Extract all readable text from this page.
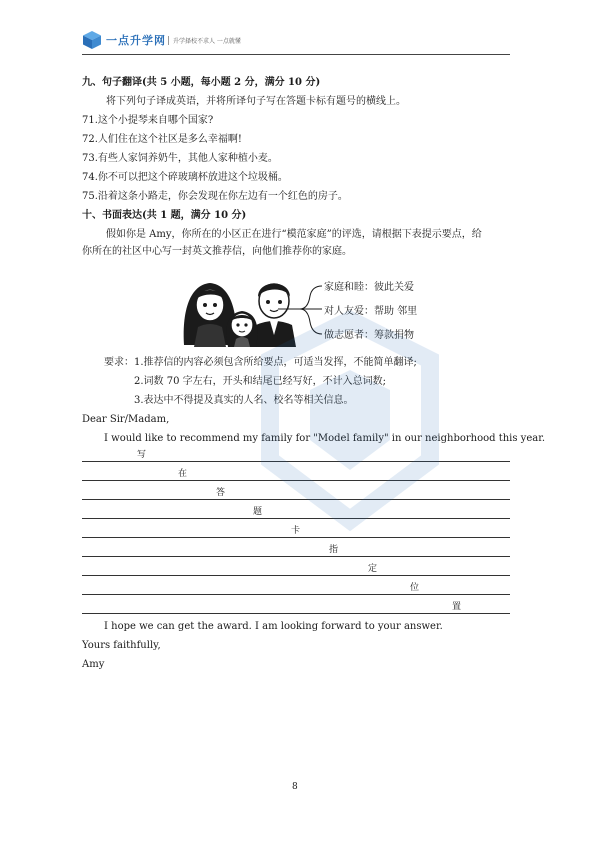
一点升学网	升学择校不求人 一点就懂
九、句子翻译(共 5 小题，每小题 2 分，满分 10 分)
将下列句子译成英语，并将所译句子写在答题卡标有题号的横线上。
71.这个小提琴来自哪个国家?
72.人们住在这个社区是多么幸福啊!
73.有些人家饲养奶牛，其他人家种植小麦。
74.你不可以把这个碎玻璃杯放进这个垃圾桶。
75.沿着这条小路走，你会发现在你左边有一个红色的房子。
十、书面表达(共 1 题，满分 10 分)
假如你是 Amy，你所在的小区正在进行“模范家庭”的评选，请根据下表提示要点，给
你所在的社区中心写一封英文推荐信，向他们推荐你的家庭。
家庭和睦：彼此关爱
对人友爱：帮助 邻里
做志愿者：筹款捐物
要求：1.推荐信的内容必须包含所给要点，可适当发挥，不能简单翻译;
2.词数 70 字左右，开头和结尾已经写好，不计入总词数;
3.表达中不得提及真实的人名、校名等相关信息。
Dear Sir/Madam,
I would like to recommend my family for "Model family" in our neighborhood this year.
写
在
答
题
卡
指
定
位
置
I hope we can get the award. I am looking forward to your answer.
Yours faithfully,
Amy
8
